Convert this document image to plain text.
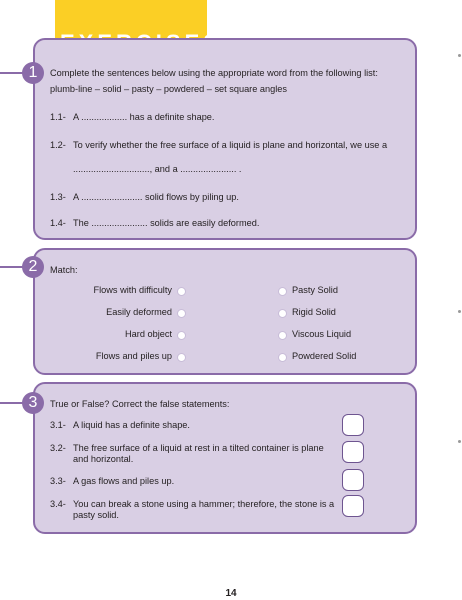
1	Complete the sentences below using the appropriate word from the following list:
plumb-line – solid – pasty – powdered – set square angles
1.1- A .................. has a definite shape.
1.2- To verify whether the free surface of a liquid is plane and horizontal, we use a
.............................., and a ...................... .
1.3- A ........................ solid flows by piling up.
1.4- The ...................... solids are easily deformed.
2	Match:
Flows with difficulty	Pasty Solid
Easily deformed	Rigid Solid
Hard object	Viscous Liquid
Flows and piles up	Powdered Solid
3	True or False? Correct the false statements:
3.1- A liquid has a definite shape.
3.2- The free surface of a liquid at rest in a tilted container is plane and horizontal.
3.3- A gas flows and piles up.
3.4- You can break a stone using a hammer; therefore, the stone is a pasty solid.
14
